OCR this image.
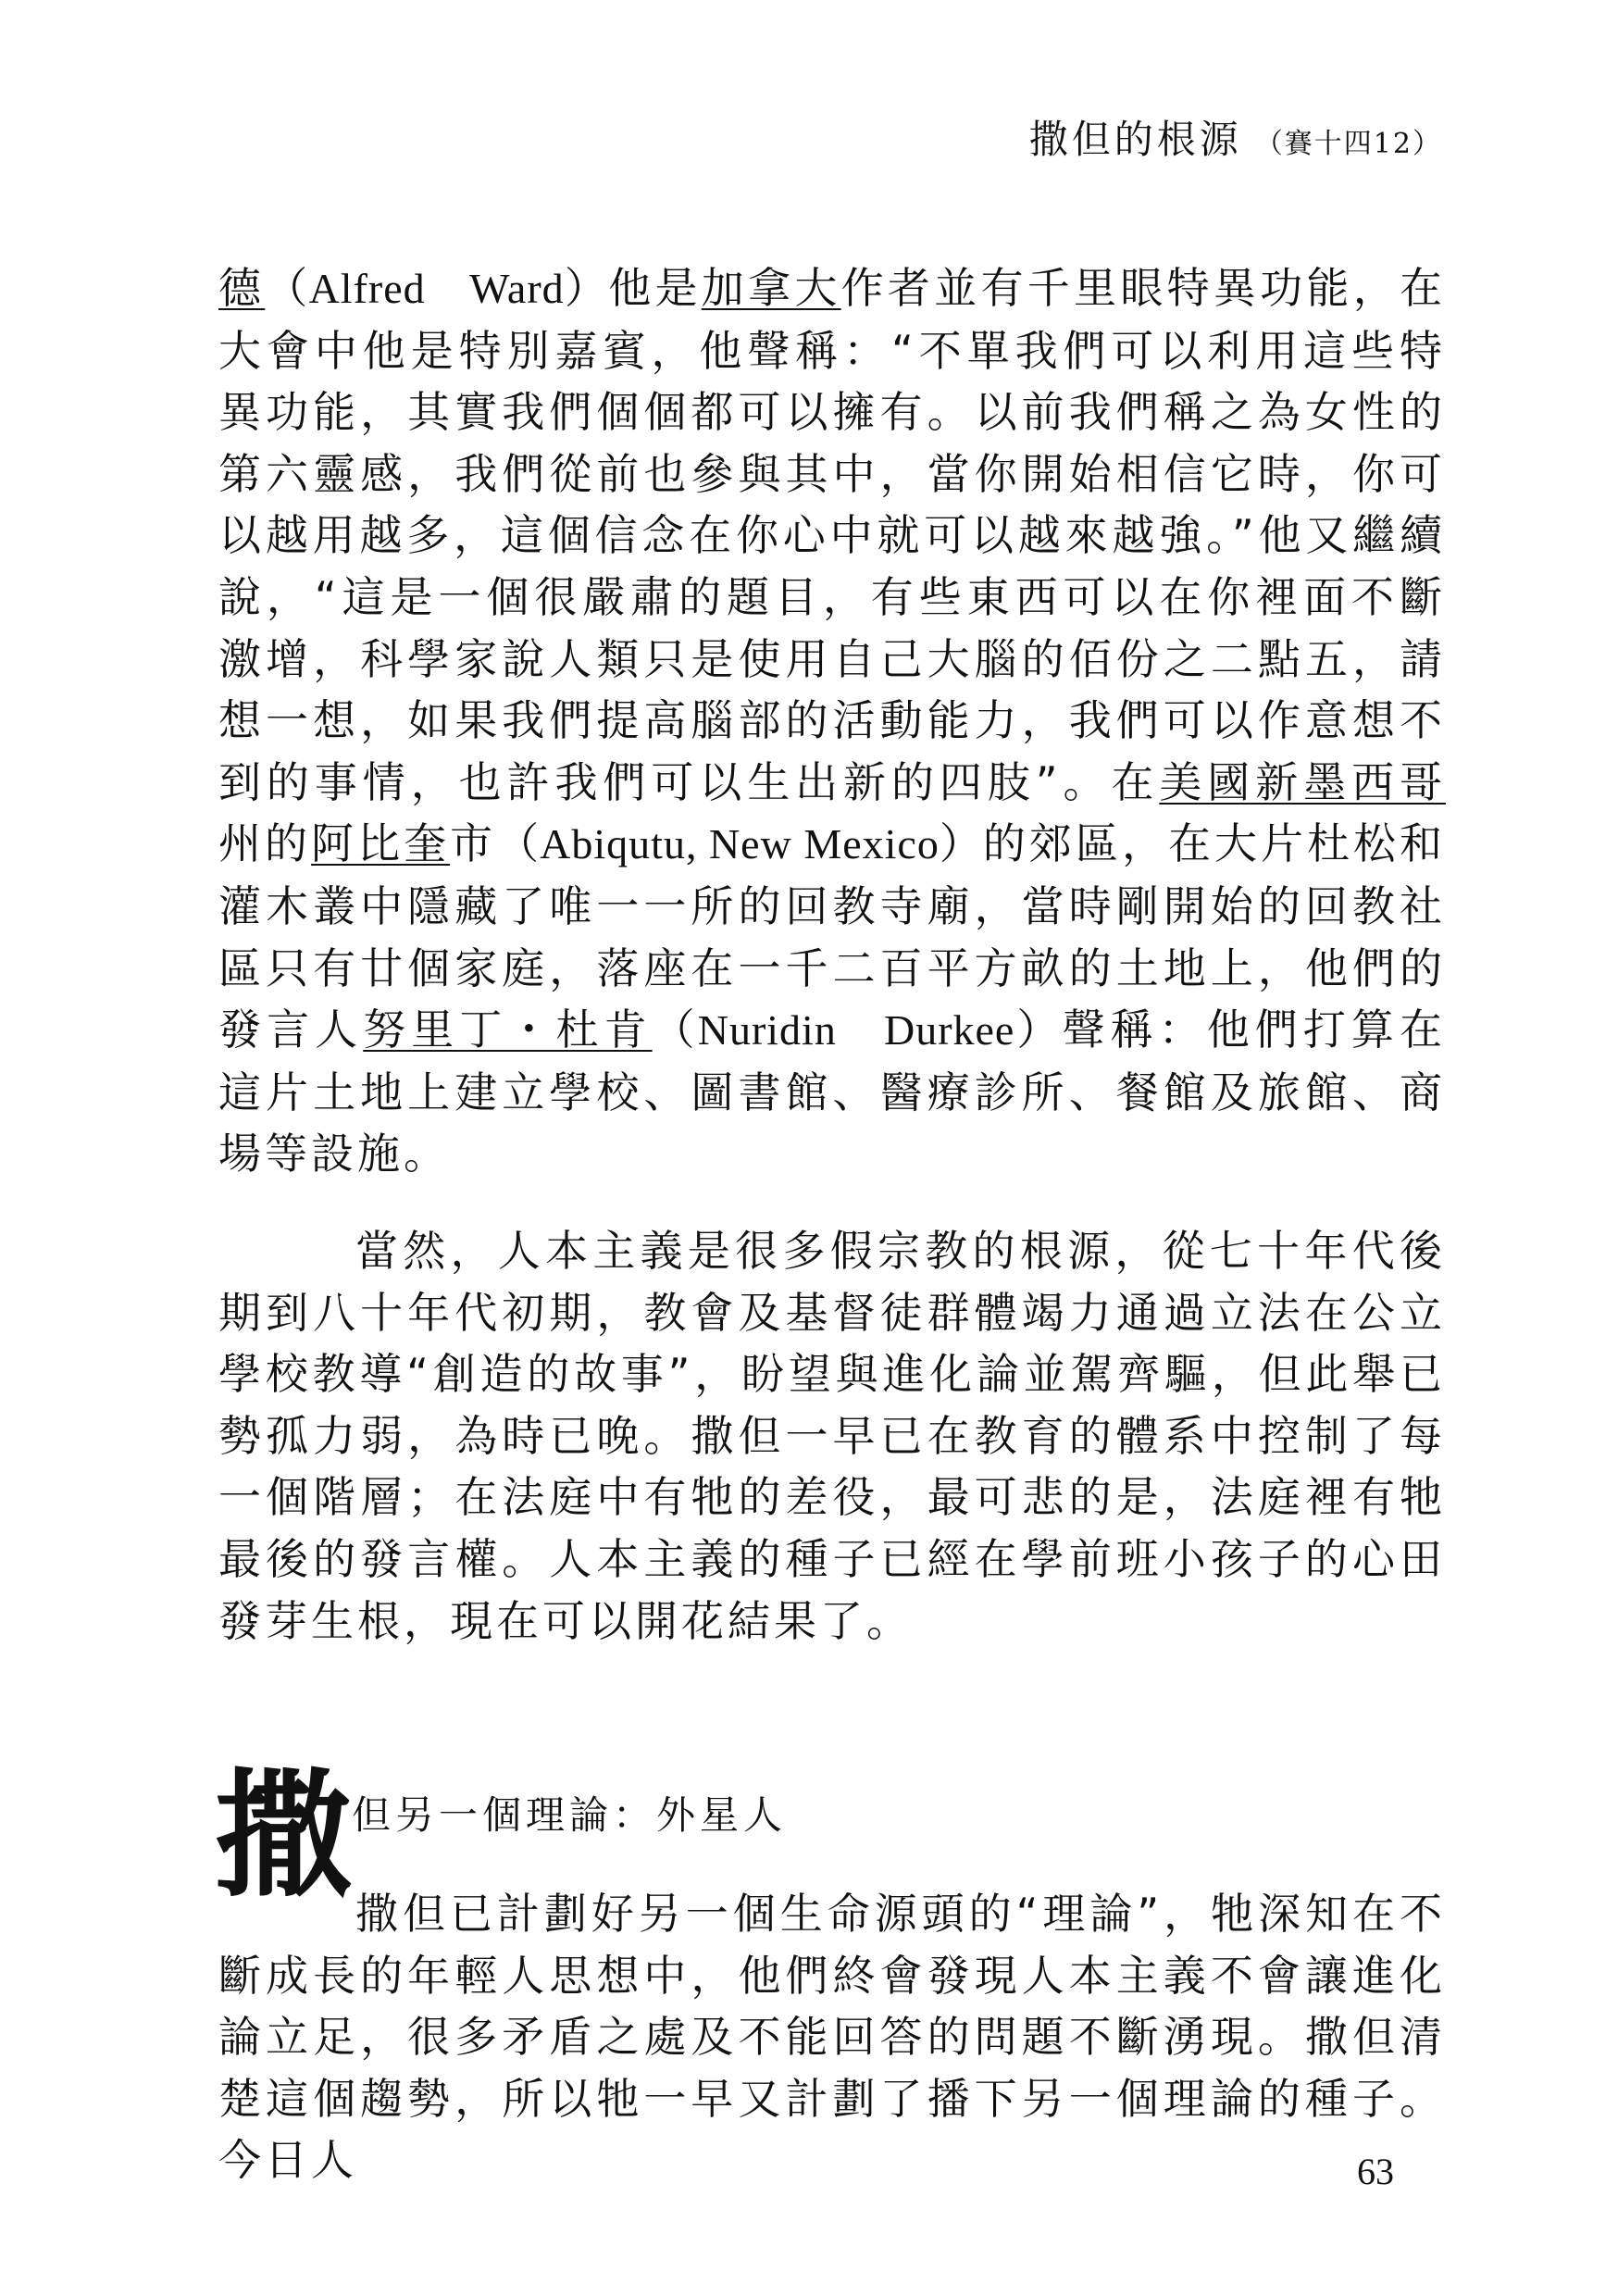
撒但的根源 （賽十四12）

德（Alfred　Ward）他是加拿大作者並有千里眼特異功能，在大會中他是特別嘉賓，他聲稱：“不單我們可以利用這些特異功能，其實我們個個都可以擁有。以前我們稱之為女性的第六靈感，我們從前也參與其中，當你開始相信它時，你可以越用越多，這個信念在你心中就可以越來越強。”他又繼續說，“這是一個很嚴肅的題目，有些東西可以在你裡面不斷激增，科學家說人類只是使用自己大腦的佰份之二點五，請想一想，如果我們提高腦部的活動能力，我們可以作意想不到的事情，也許我們可以生出新的四肢”。在美國新墨西哥州的阿比奎市（Abiqutu, New Mexico）的郊區，在大片杜松和灌木叢中隱藏了唯一一所的回教寺廟，當時剛開始的回教社區只有廿個家庭，落座在一千二百平方畝的土地上，他們的發言人努里丁・杜肯（Nuridin　Durkee）聲稱：他們打算在這片土地上建立學校、圖書館、醫療診所、餐館及旅館、商場等設施。

當然，人本主義是很多假宗教的根源，從七十年代後期到八十年代初期，教會及基督徒群體竭力通過立法在公立學校教導“創造的故事”，盼望與進化論並駕齊驅，但此舉已勢孤力弱，為時已晚。撒但一早已在教育的體系中控制了每一個階層；在法庭中有牠的差役，最可悲的是，法庭裡有牠最後的發言權。人本主義的種子已經在學前班小孩子的心田發芽生根，現在可以開花結果了。

撒 但另一個理論：外星人

撒但已計劃好另一個生命源頭的“理論”，牠深知在不斷成長的年輕人思想中，他們終會發現人本主義不會讓進化論立足，很多矛盾之處及不能回答的問題不斷湧現。撒但清楚這個趨勢，所以牠一早又計劃了播下另一個理論的種子。今日人	63
